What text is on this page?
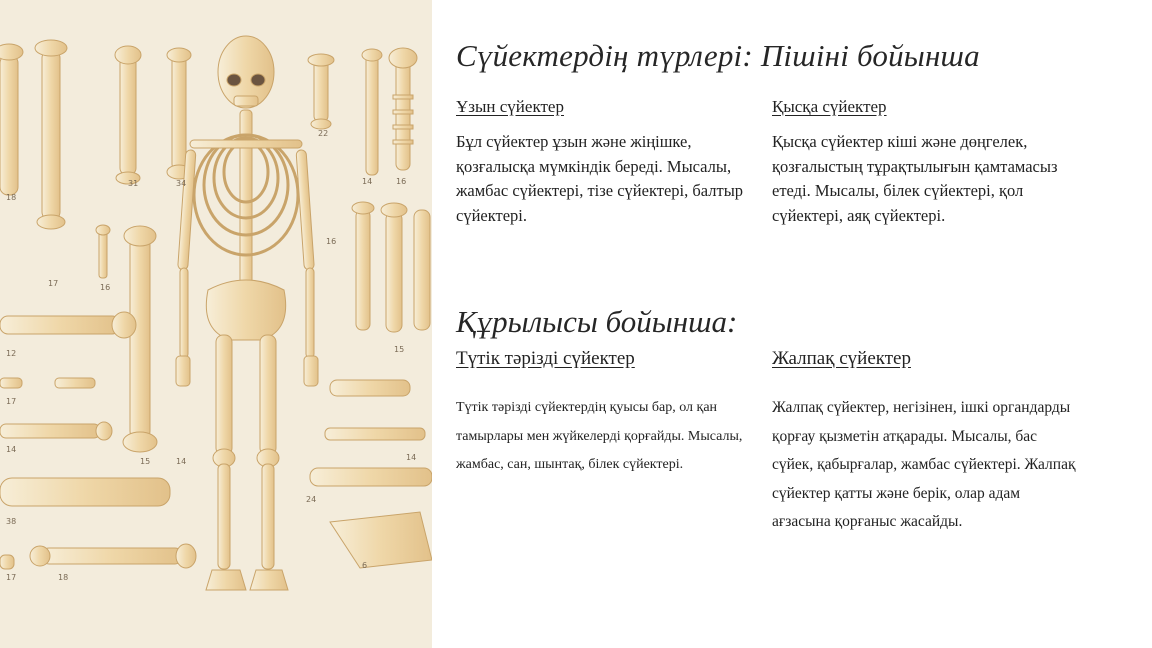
18
17	16
31	34
22
14	16
16
12	15
17
14
14
15	14
24
38
17	18
6
Сүйектердің түрлері: Пішіні бойынша
Ұзын сүйектер
Бұл сүйектер ұзын және жіңішке, қозғалысқа мүмкіндік береді. Мысалы, жамбас сүйектері, тізе сүйектері, балтыр сүйектері.
Қысқа сүйектер
Қысқа сүйектер кіші және дөңгелек, қозғалыстың тұрақтылығын қамтамасыз етеді. Мысалы, білек сүйектері, қол сүйектері, аяқ сүйектері.
Құрылысы бойынша:
Түтік тәрізді сүйектер
Түтік тәрізді сүйектердің қуысы бар, ол қан тамырлары мен жүйкелерді қорғайды. Мысалы, жамбас, сан, шынтақ, білек сүйектері.
Жалпақ сүйектер
Жалпақ сүйектер, негізінен, ішкі органдарды қорғау қызметін атқарады. Мысалы, бас сүйек, қабырғалар, жамбас сүйектері. Жалпақ сүйектер қатты және берік, олар адам ағзасына қорғаныс жасайды.
